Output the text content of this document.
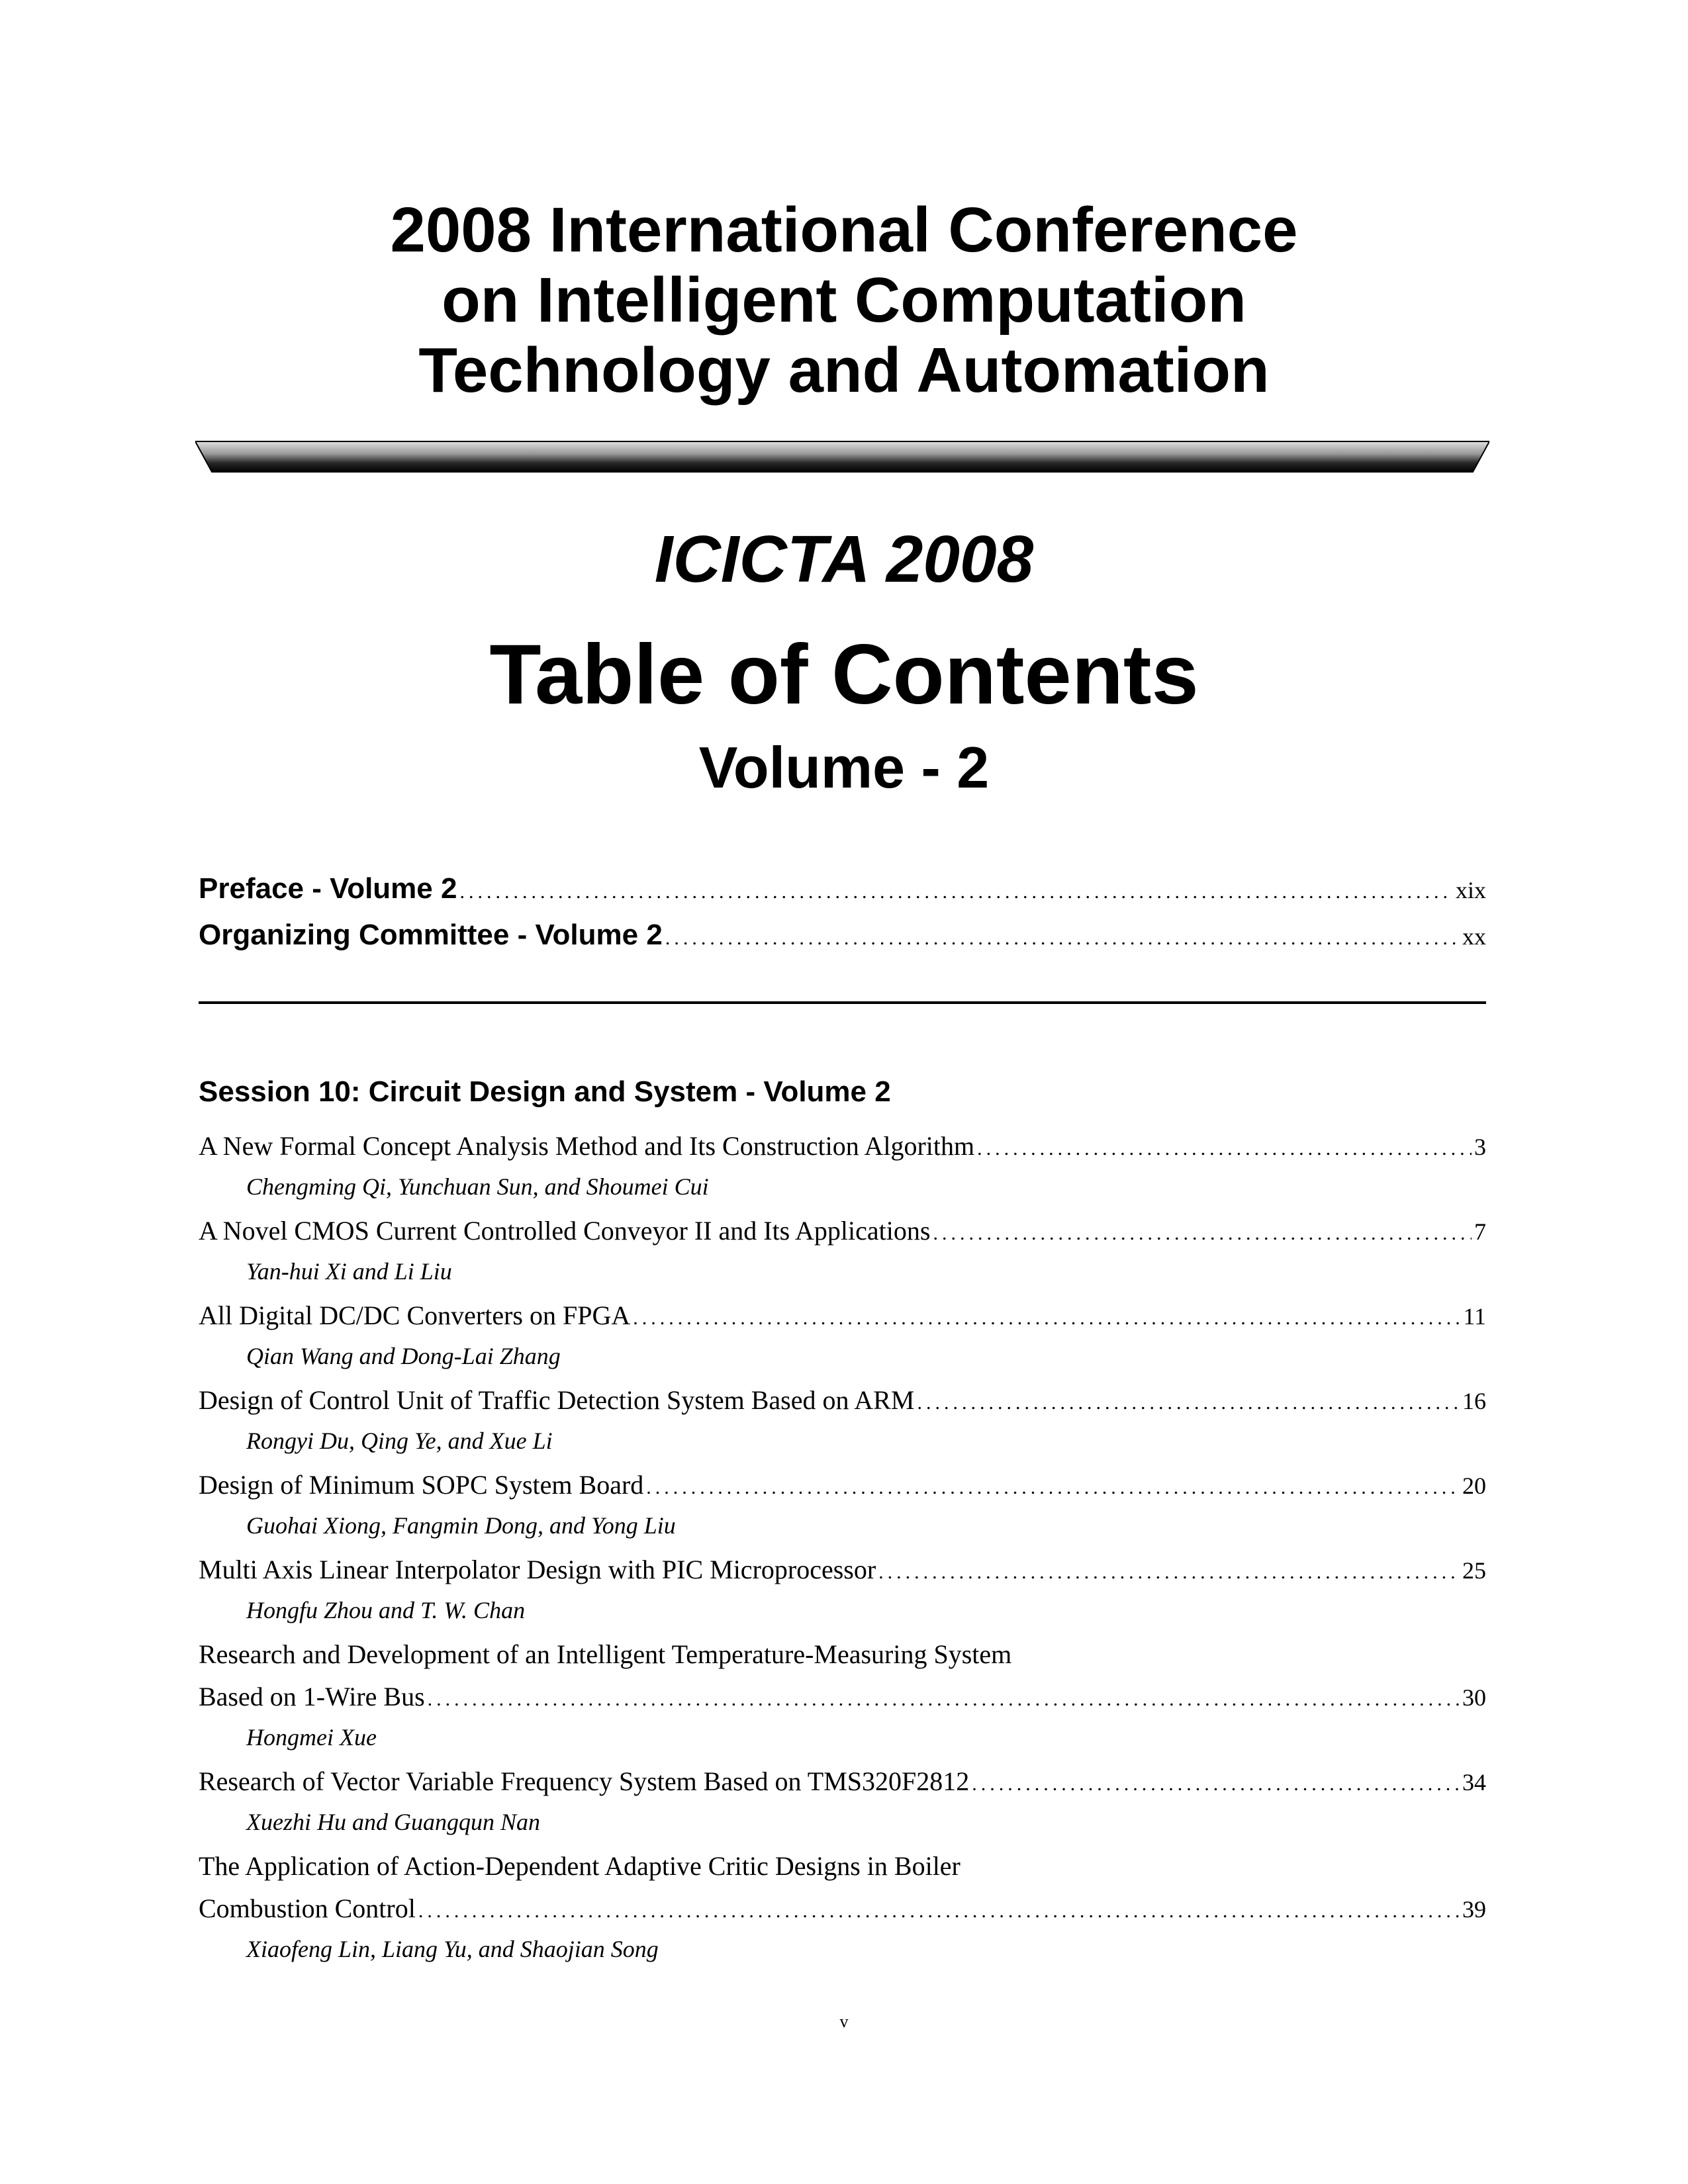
2008 International Conference
on Intelligent Computation
Technology and Automation
ICICTA 2008
Table of Contents
Volume - 2
Preface - Volume 2 .....	xix
Organizing Committee - Volume 2 .....	xx
Session 10: Circuit Design and System - Volume 2
A New Formal Concept Analysis Method and Its Construction Algorithm .....	3
Chengming Qi, Yunchuan Sun, and Shoumei Cui
A Novel CMOS Current Controlled Conveyor II and Its Applications .....	7
Yan-hui Xi and Li Liu
All Digital DC/DC Converters on FPGA .....	11
Qian Wang and Dong-Lai Zhang
Design of Control Unit of Traffic Detection System Based on ARM .....	16
Rongyi Du, Qing Ye, and Xue Li
Design of Minimum SOPC System Board .....	20
Guohai Xiong, Fangmin Dong, and Yong Liu
Multi Axis Linear Interpolator Design with PIC Microprocessor .....	25
Hongfu Zhou and T. W. Chan
Research and Development of an Intelligent Temperature-Measuring System
Based on 1-Wire Bus .....	30
Hongmei Xue
Research of Vector Variable Frequency System Based on TMS320F2812 .....	34
Xuezhi Hu and Guangqun Nan
The Application of Action-Dependent Adaptive Critic Designs in Boiler
Combustion Control .....	39
Xiaofeng Lin, Liang Yu, and Shaojian Song
v
